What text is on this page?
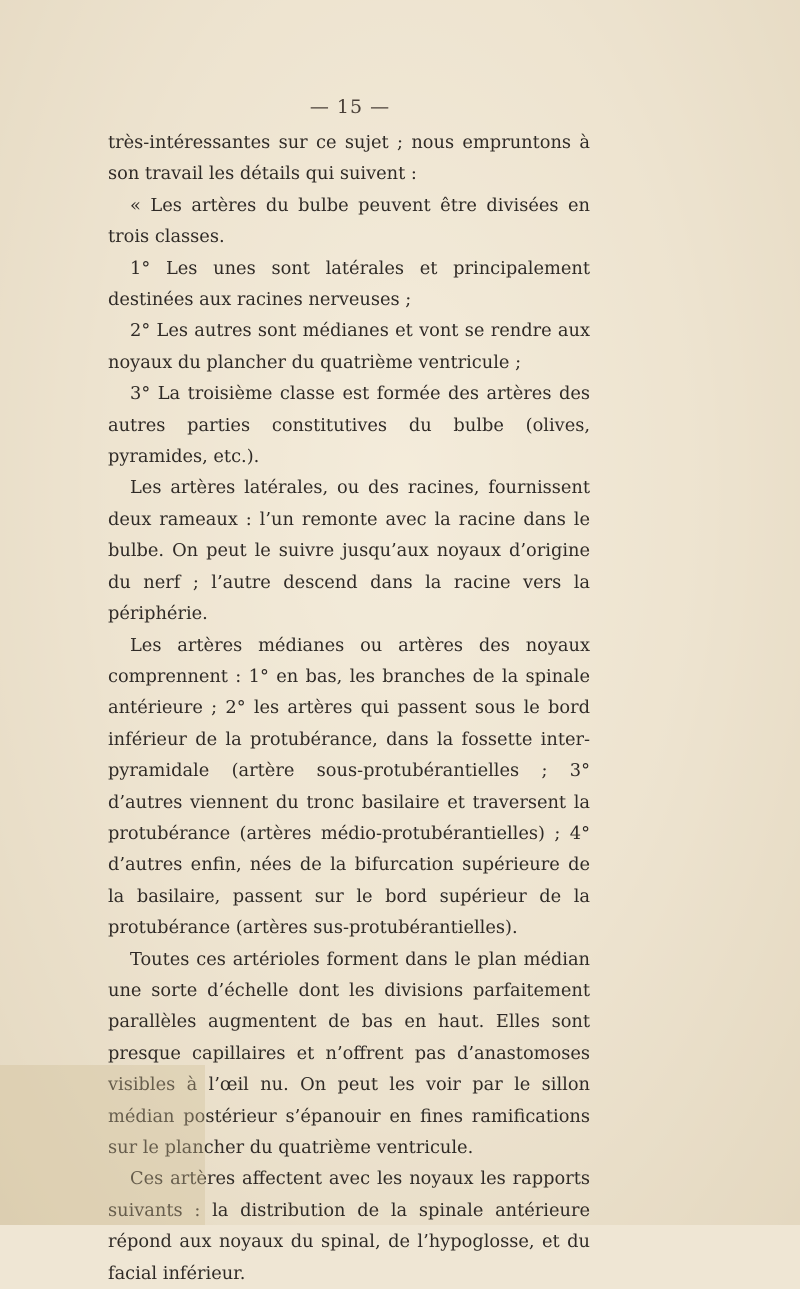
— 15 —

très-intéressantes sur ce sujet ; nous empruntons à son travail les détails qui suivent :

« Les artères du bulbe peuvent être divisées en trois classes.

1° Les unes sont latérales et principalement destinées aux racines nerveuses ;

2° Les autres sont médianes et vont se rendre aux noyaux du plancher du quatrième ventricule ;

3° La troisième classe est formée des artères des autres parties constitutives du bulbe (olives, pyramides, etc.).

Les artères latérales, ou des racines, fournissent deux rameaux : l’un remonte avec la racine dans le bulbe. On peut le suivre jusqu’aux noyaux d’origine du nerf ; l’autre descend dans la racine vers la périphérie.

Les artères médianes ou artères des noyaux comprennent : 1° en bas, les branches de la spinale antérieure ; 2° les artères qui passent sous le bord inférieur de la protubérance, dans la fossette inter-pyramidale (artère sous-protubérantielles ; 3° d’autres viennent du tronc basilaire et traversent la protubérance (artères médio-protubérantielles) ; 4° d’autres enfin, nées de la bifurcation supérieure de la basilaire, passent sur le bord supérieur de la protubérance (artères sus-protubérantielles).

Toutes ces artérioles forment dans le plan médian une sorte d’échelle dont les divisions parfaitement parallèles augmentent de bas en haut. Elles sont presque capillaires et n’offrent pas d’anastomoses visibles à l’œil nu. On peut les voir par le sillon médian postérieur s’épanouir en fines ramifications sur le plancher du quatrième ventricule.

Ces artères affectent avec les noyaux les rapports suivants : la distribution de la spinale antérieure répond aux noyaux du spinal, de l’hypoglosse, et du facial inférieur.
